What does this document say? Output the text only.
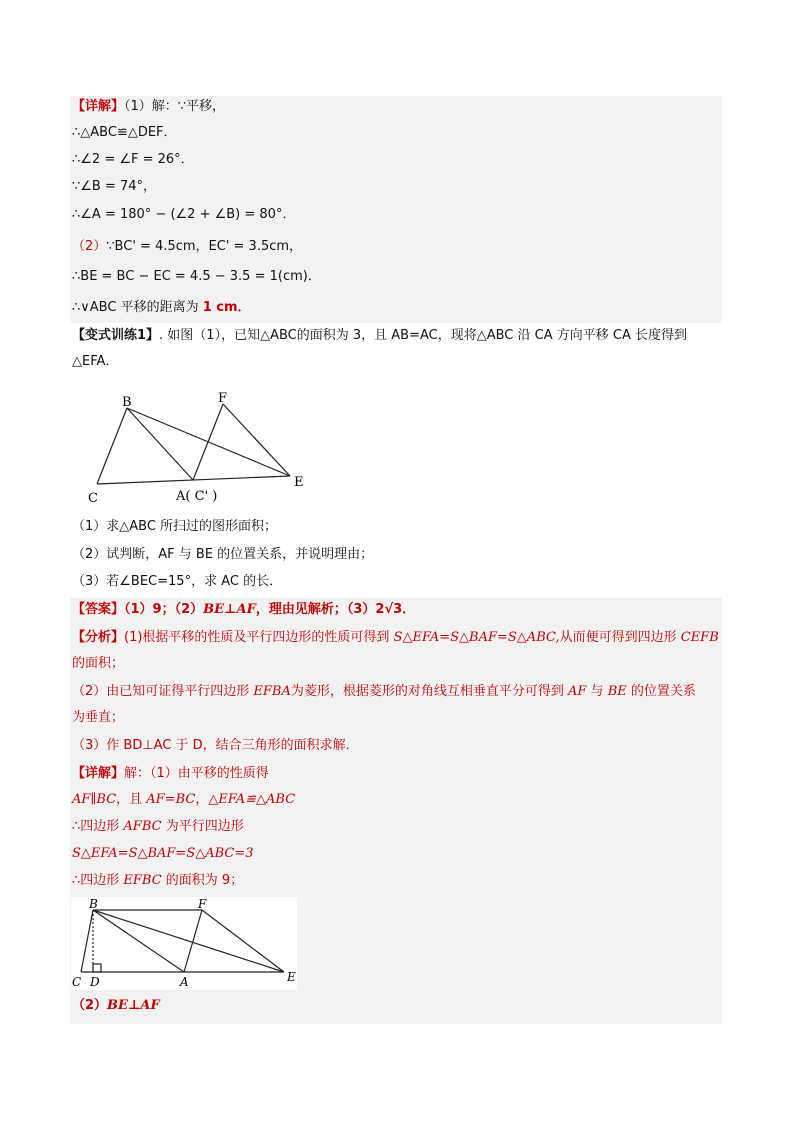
【详解】（1）解：∵平移，
∴△ABC≌△DEF．
∴∠2 = ∠F = 26°．
∵∠B = 74°，
∴∠A = 180° − (∠2 + ∠B) = 80°．
（2）∵BC' = 4.5cm，EC' = 3.5cm，
∴BE = BC − EC = 4.5 − 3.5 = 1(cm)．
∴∨ABC 平移的距离为 1 cm．
【变式训练1】. 如图（1），已知△ABC的面积为 3，且 AB=AC，现将△ABC 沿 CA 方向平移 CA 长度得到
△EFA．
B	F
C	A( C' )
E
（1）求△ABC 所扫过的图形面积；
（2）试判断，AF 与 BE 的位置关系，并说明理由；
（3）若∠BEC=15°，求 AC 的长．
【答案】（1）9；（2）BE⊥AF，理由见解析；（3）2√3．
【分析】(1)根据平移的性质及平行四边形的性质可得到 S△EFA=S△BAF=S△ABC,从而便可得到四边形 CEFB
的面积；
（2）由已知可证得平行四边形 EFBA为菱形，根据菱形的对角线互相垂直平分可得到 AF 与 BE 的位置关系
为垂直；
（3）作 BD⊥AC 于 D，结合三角形的面积求解．
【详解】解：（1）由平移的性质得
AF∥BC，且 AF=BC，△EFA≌△ABC
∴四边形 AFBC 为平行四边形
S△EFA=S△BAF=S△ABC=3
∴四边形 EFBC 的面积为 9；
B	F
C D	A	E
（2）BE⊥AF
